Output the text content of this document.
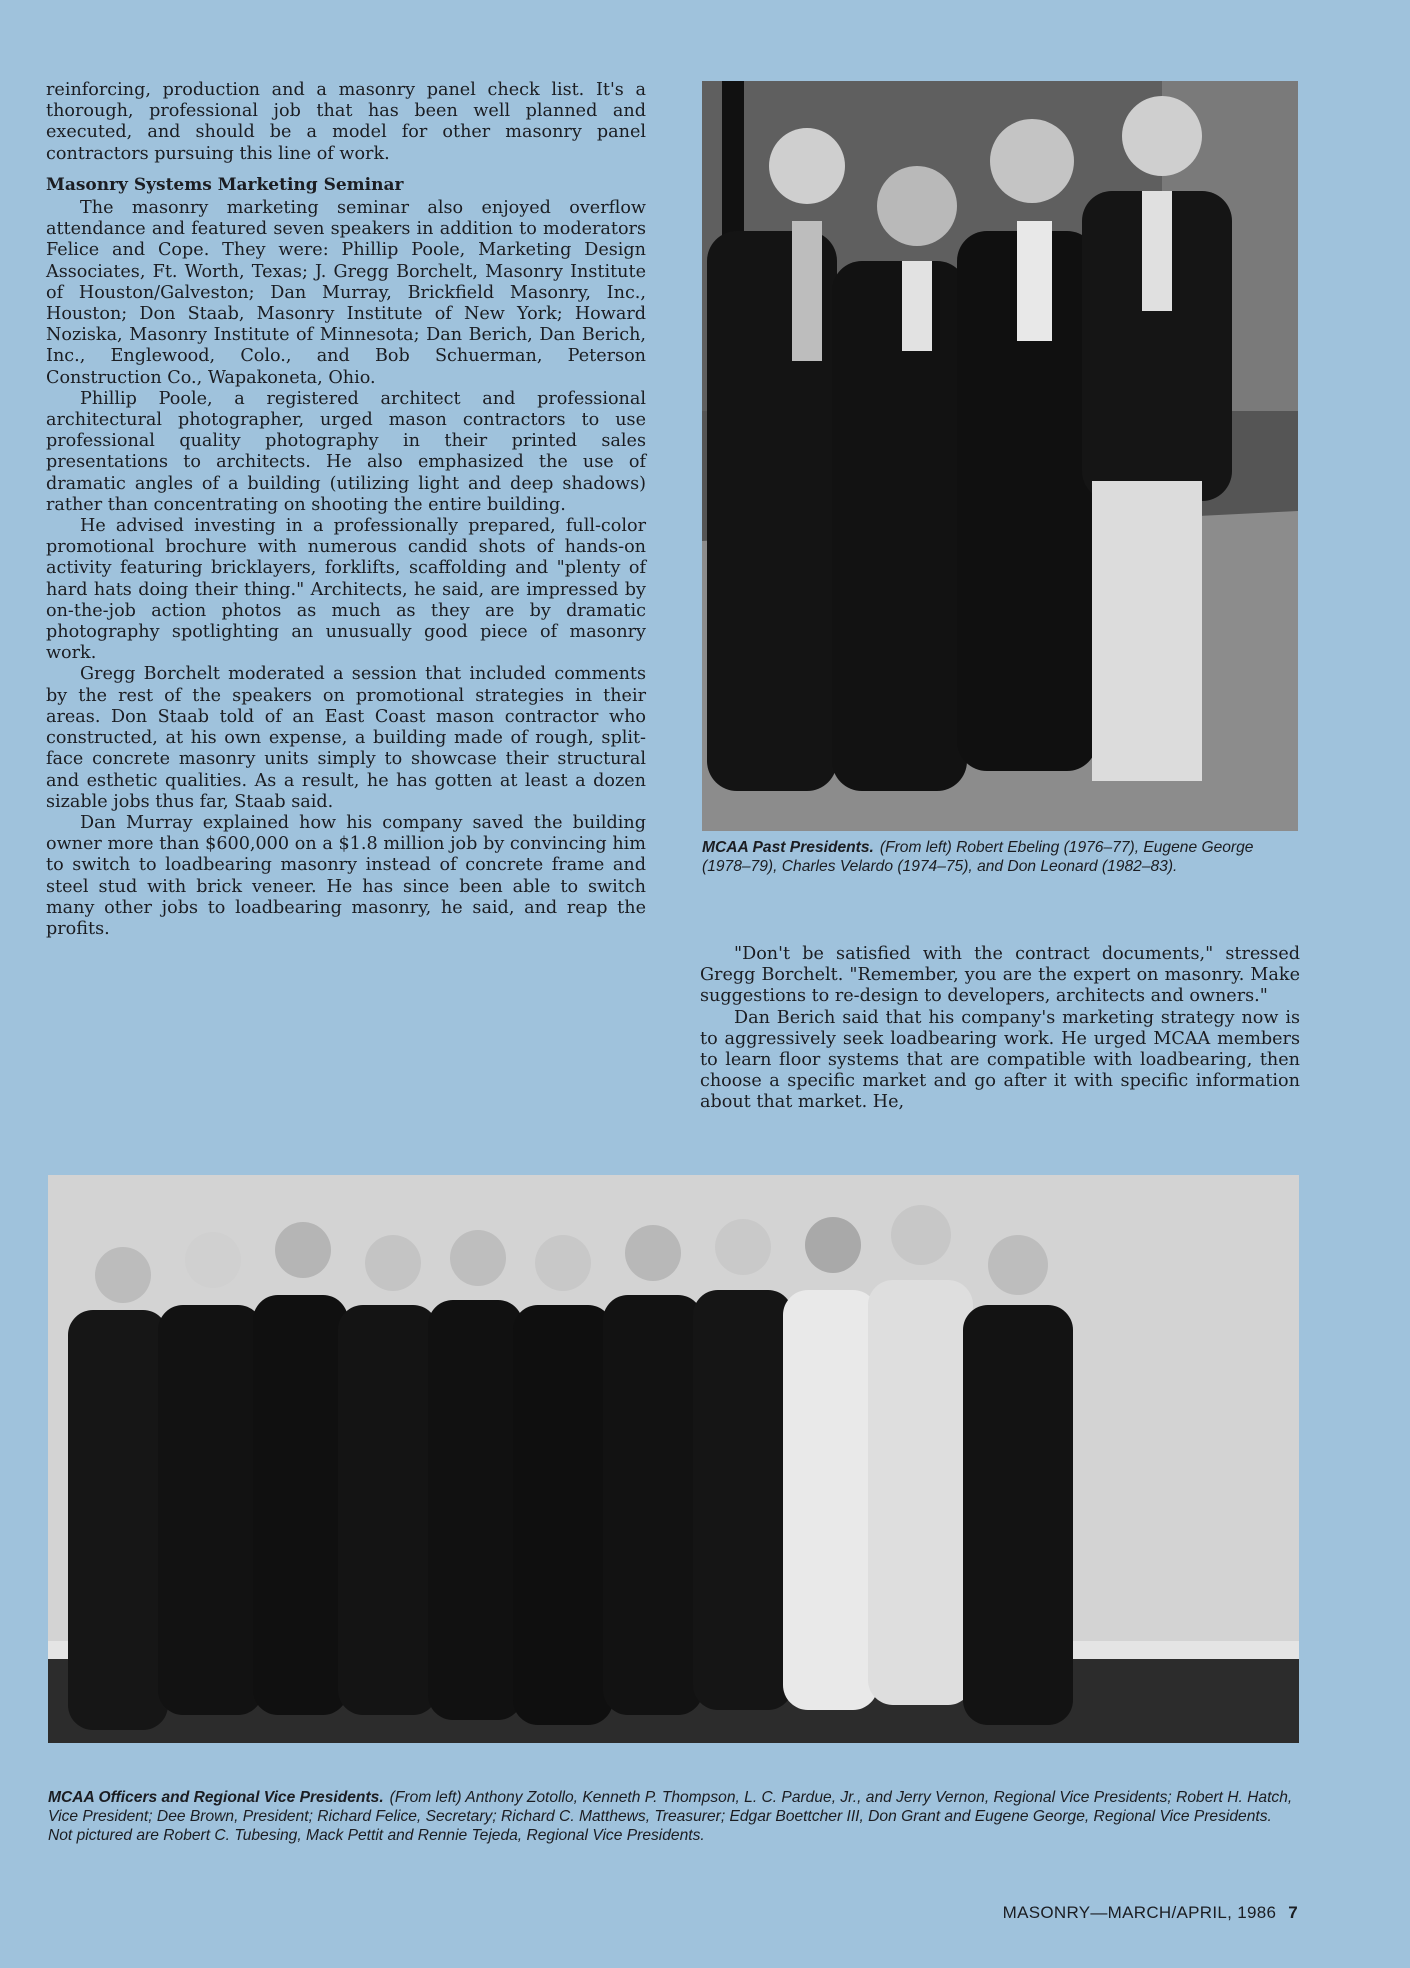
reinforcing, production and a masonry panel check list. It's a thorough, professional job that has been well planned and executed, and should be a model for other masonry panel contractors pursuing this line of work.

Masonry Systems Marketing Seminar

The masonry marketing seminar also enjoyed overflow attendance and featured seven speakers in addition to moderators Felice and Cope. They were: Phillip Poole, Marketing Design Associates, Ft. Worth, Texas; J. Gregg Borchelt, Masonry Institute of Houston/Galveston; Dan Murray, Brickfield Masonry, Inc., Houston; Don Staab, Masonry Institute of New York; Howard Noziska, Masonry Institute of Minnesota; Dan Berich, Dan Berich, Inc., Englewood, Colo., and Bob Schuerman, Peterson Construction Co., Wapakoneta, Ohio.

Phillip Poole, a registered architect and professional architectural photographer, urged mason contractors to use professional quality photography in their printed sales presentations to architects. He also emphasized the use of dramatic angles of a building (utilizing light and deep shadows) rather than concentrating on shooting the entire building.

He advised investing in a professionally prepared, full-color promotional brochure with numerous candid shots of hands-on activity featuring bricklayers, forklifts, scaffolding and "plenty of hard hats doing their thing." Architects, he said, are impressed by on-the-job action photos as much as they are by dramatic photography spotlighting an unusually good piece of masonry work.

Gregg Borchelt moderated a session that included comments by the rest of the speakers on promotional strategies in their areas. Don Staab told of an East Coast mason contractor who constructed, at his own expense, a building made of rough, split-face concrete masonry units simply to showcase their structural and esthetic qualities. As a result, he has gotten at least a dozen sizable jobs thus far, Staab said.

Dan Murray explained how his company saved the building owner more than $600,000 on a $1.8 million job by convincing him to switch to loadbearing masonry instead of concrete frame and steel stud with brick veneer. He has since been able to switch many other jobs to loadbearing masonry, he said, and reap the profits.

MCAA Past Presidents. (From left) Robert Ebeling (1976–77), Eugene George (1978–79), Charles Velardo (1974–75), and Don Leonard (1982–83).

"Don't be satisfied with the contract documents," stressed Gregg Borchelt. "Remember, you are the expert on masonry. Make suggestions to re-design to developers, architects and owners."

Dan Berich said that his company's marketing strategy now is to aggressively seek loadbearing work. He urged MCAA members to learn floor systems that are compatible with loadbearing, then choose a specific market and go after it with specific information about that market. He,

MCAA Officers and Regional Vice Presidents. (From left) Anthony Zotollo, Kenneth P. Thompson, L. C. Pardue, Jr., and Jerry Vernon, Regional Vice Presidents; Robert H. Hatch, Vice President; Dee Brown, President; Richard Felice, Secretary; Richard C. Matthews, Treasurer; Edgar Boettcher III, Don Grant and Eugene George, Regional Vice Presidents. Not pictured are Robert C. Tubesing, Mack Pettit and Rennie Tejeda, Regional Vice Presidents.
MASONRY—MARCH/APRIL, 1986 7
